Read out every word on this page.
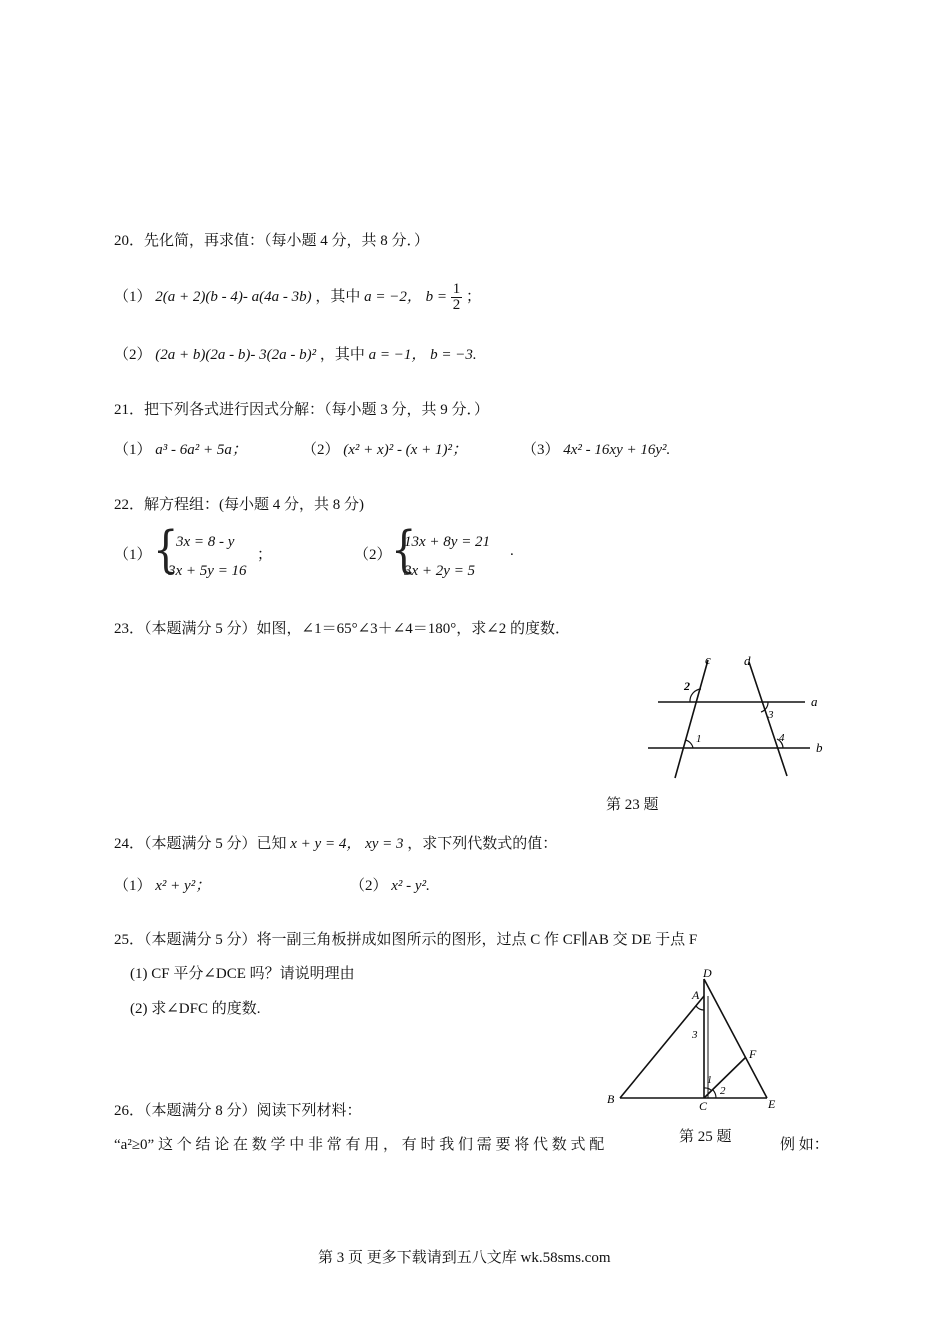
20．先化简，再求值：（每小题 4 分，共 8 分．）
（1） 2(a + 2)(b - 4)- a(4a - 3b) ，其中 a = −2， $b = \frac{1}{2}$ ；
（2） (2a + b)(2a - b)- 3(2a - b)² ，其中 a = −1， b = −3.
21．把下列各式进行因式分解：（每小题 3 分，共 9 分．）
（1） a³ - 6a² + 5a；	（2） (x² + x)² - (x + 1)²；	（3） 4x² - 16xy + 16y².
22．解方程组：(每小题 4 分，共 8 分)
（1） {
3x = 8 - y
3x + 5y = 16
；	（2） {
13x + 8y = 21
3x + 2y = 5
.
23．（本题满分 5 分）如图，∠1＝65°∠3＋∠4＝180°，求∠2 的度数．
c	d
a
b
2
1
3
4
第 23 题
24．（本题满分 5 分）已知 x + y = 4， xy = 3 ，求下列代数式的值：
（1） x² + y²；	（2） x² - y².
25．（本题满分 5 分）将一副三角板拼成如图所示的图形，过点 C 作 CF∥AB 交 DE 于点 F
(1) CF 平分∠DCE 吗？请说明理由
(2) 求∠DFC 的度数.
D
A
3
F
1
2
B	C	E
第 25 题
26．（本题满分 8 分）阅读下列材料：
“a²≥0” 这 个 结 论 在 数 学 中 非 常 有 用 ， 有 时 我 们 需 要 将 代 数 式 配	例 如：
第 3 页 更多下载请到五八文库 wk.58sms.com
